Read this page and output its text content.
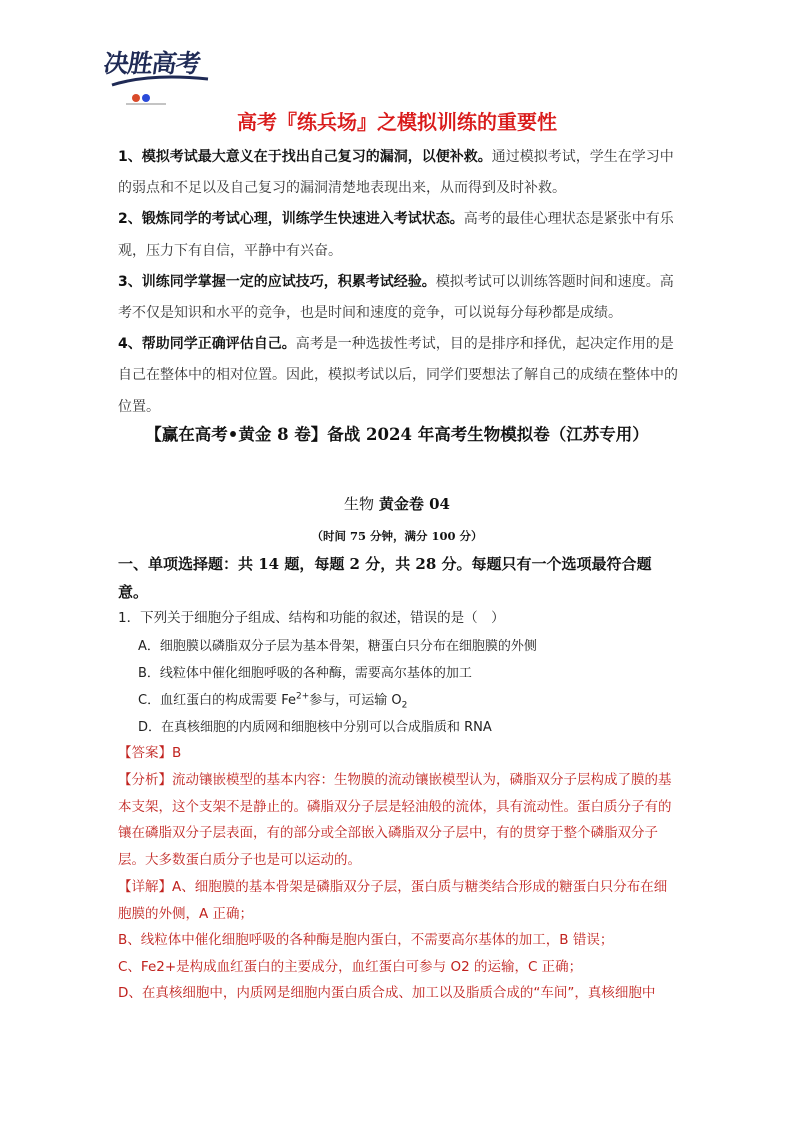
决胜高考
高考『练兵场』之模拟训练的重要性

1、模拟考试最大意义在于找出自己复习的漏洞，以便补救。通过模拟考试，学生在学习中的弱点和不足以及自己复习的漏洞清楚地表现出来，从而得到及时补救。

2、锻炼同学的考试心理，训练学生快速进入考试状态。高考的最佳心理状态是紧张中有乐观，压力下有自信，平静中有兴奋。

3、训练同学掌握一定的应试技巧，积累考试经验。模拟考试可以训练答题时间和速度。高考不仅是知识和水平的竞争，也是时间和速度的竞争，可以说每分每秒都是成绩。

4、帮助同学正确评估自己。高考是一种选拔性考试，目的是排序和择优，起决定作用的是自己在整体中的相对位置。因此，模拟考试以后，同学们要想法了解自己的成绩在整体中的位置。

【赢在高考•黄金 8 卷】备战 2024 年高考生物模拟卷（江苏专用）
生物 黄金卷 04
（时间 75 分钟，满分 100 分）
一、单项选择题：共 14 题，每题 2 分，共 28 分。每题只有一个选项最符合题意。
1．下列关于细胞分子组成、结构和功能的叙述，错误的是（　）
A．细胞膜以磷脂双分子层为基本骨架，糖蛋白只分布在细胞膜的外侧
B．线粒体中催化细胞呼吸的各种酶，需要高尔基体的加工
C．血红蛋白的构成需要 $Fe^{2+}$参与，可运输 $O_2$
D．在真核细胞的内质网和细胞核中分别可以合成脂质和 RNA
【答案】B

【分析】流动镶嵌模型的基本内容：生物膜的流动镶嵌模型认为，磷脂双分子层构成了膜的基本支架，这个支架不是静止的。磷脂双分子层是轻油般的流体，具有流动性。蛋白质分子有的镶在磷脂双分子层表面，有的部分或全部嵌入磷脂双分子层中，有的贯穿于整个磷脂双分子层。大多数蛋白质分子也是可以运动的。

【详解】A、细胞膜的基本骨架是磷脂双分子层，蛋白质与糖类结合形成的糖蛋白只分布在细胞膜的外侧，A 正确；

B、线粒体中催化细胞呼吸的各种酶是胞内蛋白，不需要高尔基体的加工，B 错误；

C、Fe2+是构成血红蛋白的主要成分，血红蛋白可参与 O2 的运输，C 正确；

D、在真核细胞中，内质网是细胞内蛋白质合成、加工以及脂质合成的“车间”，真核细胞中
